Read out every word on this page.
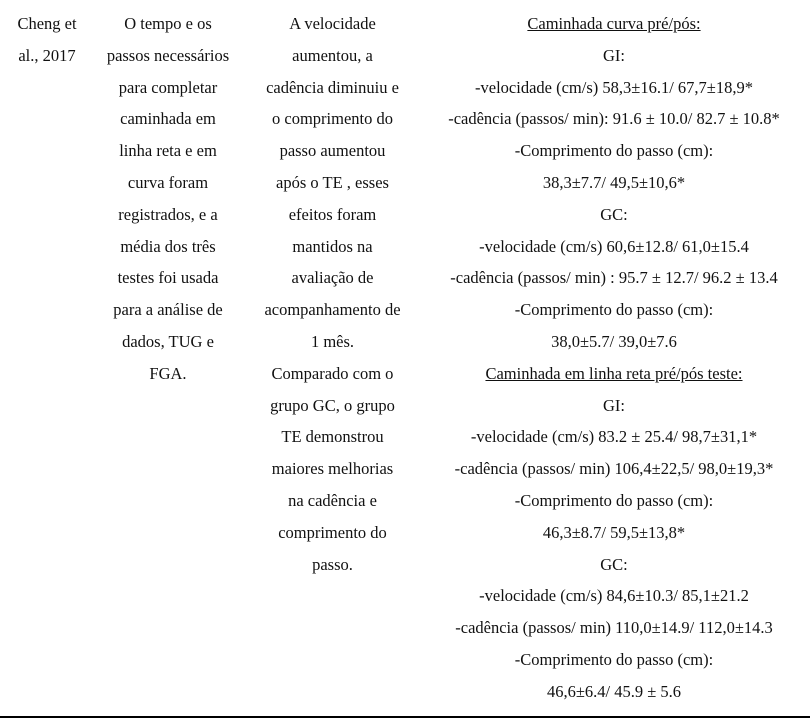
Cheng et
al., 2017
O tempo e os
passos necessários
para completar
caminhada em
linha reta e em
curva foram
registrados, e a
média dos três
testes foi usada
para a análise de
dados, TUG e
FGA.
A velocidade
aumentou, a
cadência diminuiu e
o comprimento do
passo aumentou
após o TE , esses
efeitos foram
mantidos na
avaliação de
acompanhamento de
1 mês.
Comparado com o
grupo GC, o grupo
TE demonstrou
maiores melhorias
na cadência e
comprimento do
passo.
Caminhada curva pré/pós:
GI:
-velocidade (cm/s) 58,3±16.1/ 67,7±18,9*
-cadência (passos/ min): 91.6 ± 10.0/ 82.7 ± 10.8*
-Comprimento do passo (cm):
38,3±7.7/ 49,5±10,6*
GC:
-velocidade (cm/s) 60,6±12.8/ 61,0±15.4
-cadência (passos/ min) : 95.7 ± 12.7/ 96.2 ± 13.4
-Comprimento do passo (cm):
38,0±5.7/ 39,0±7.6
Caminhada em linha reta pré/pós teste:
GI:
-velocidade (cm/s) 83.2 ± 25.4/ 98,7±31,1*
-cadência (passos/ min) 106,4±22,5/ 98,0±19,3*
-Comprimento do passo (cm):
46,3±8.7/ 59,5±13,8*
GC:
-velocidade (cm/s) 84,6±10.3/ 85,1±21.2
-cadência (passos/ min) 110,0±14.9/ 112,0±14.3
-Comprimento do passo (cm):
46,6±6.4/ 45.9 ± 5.6
